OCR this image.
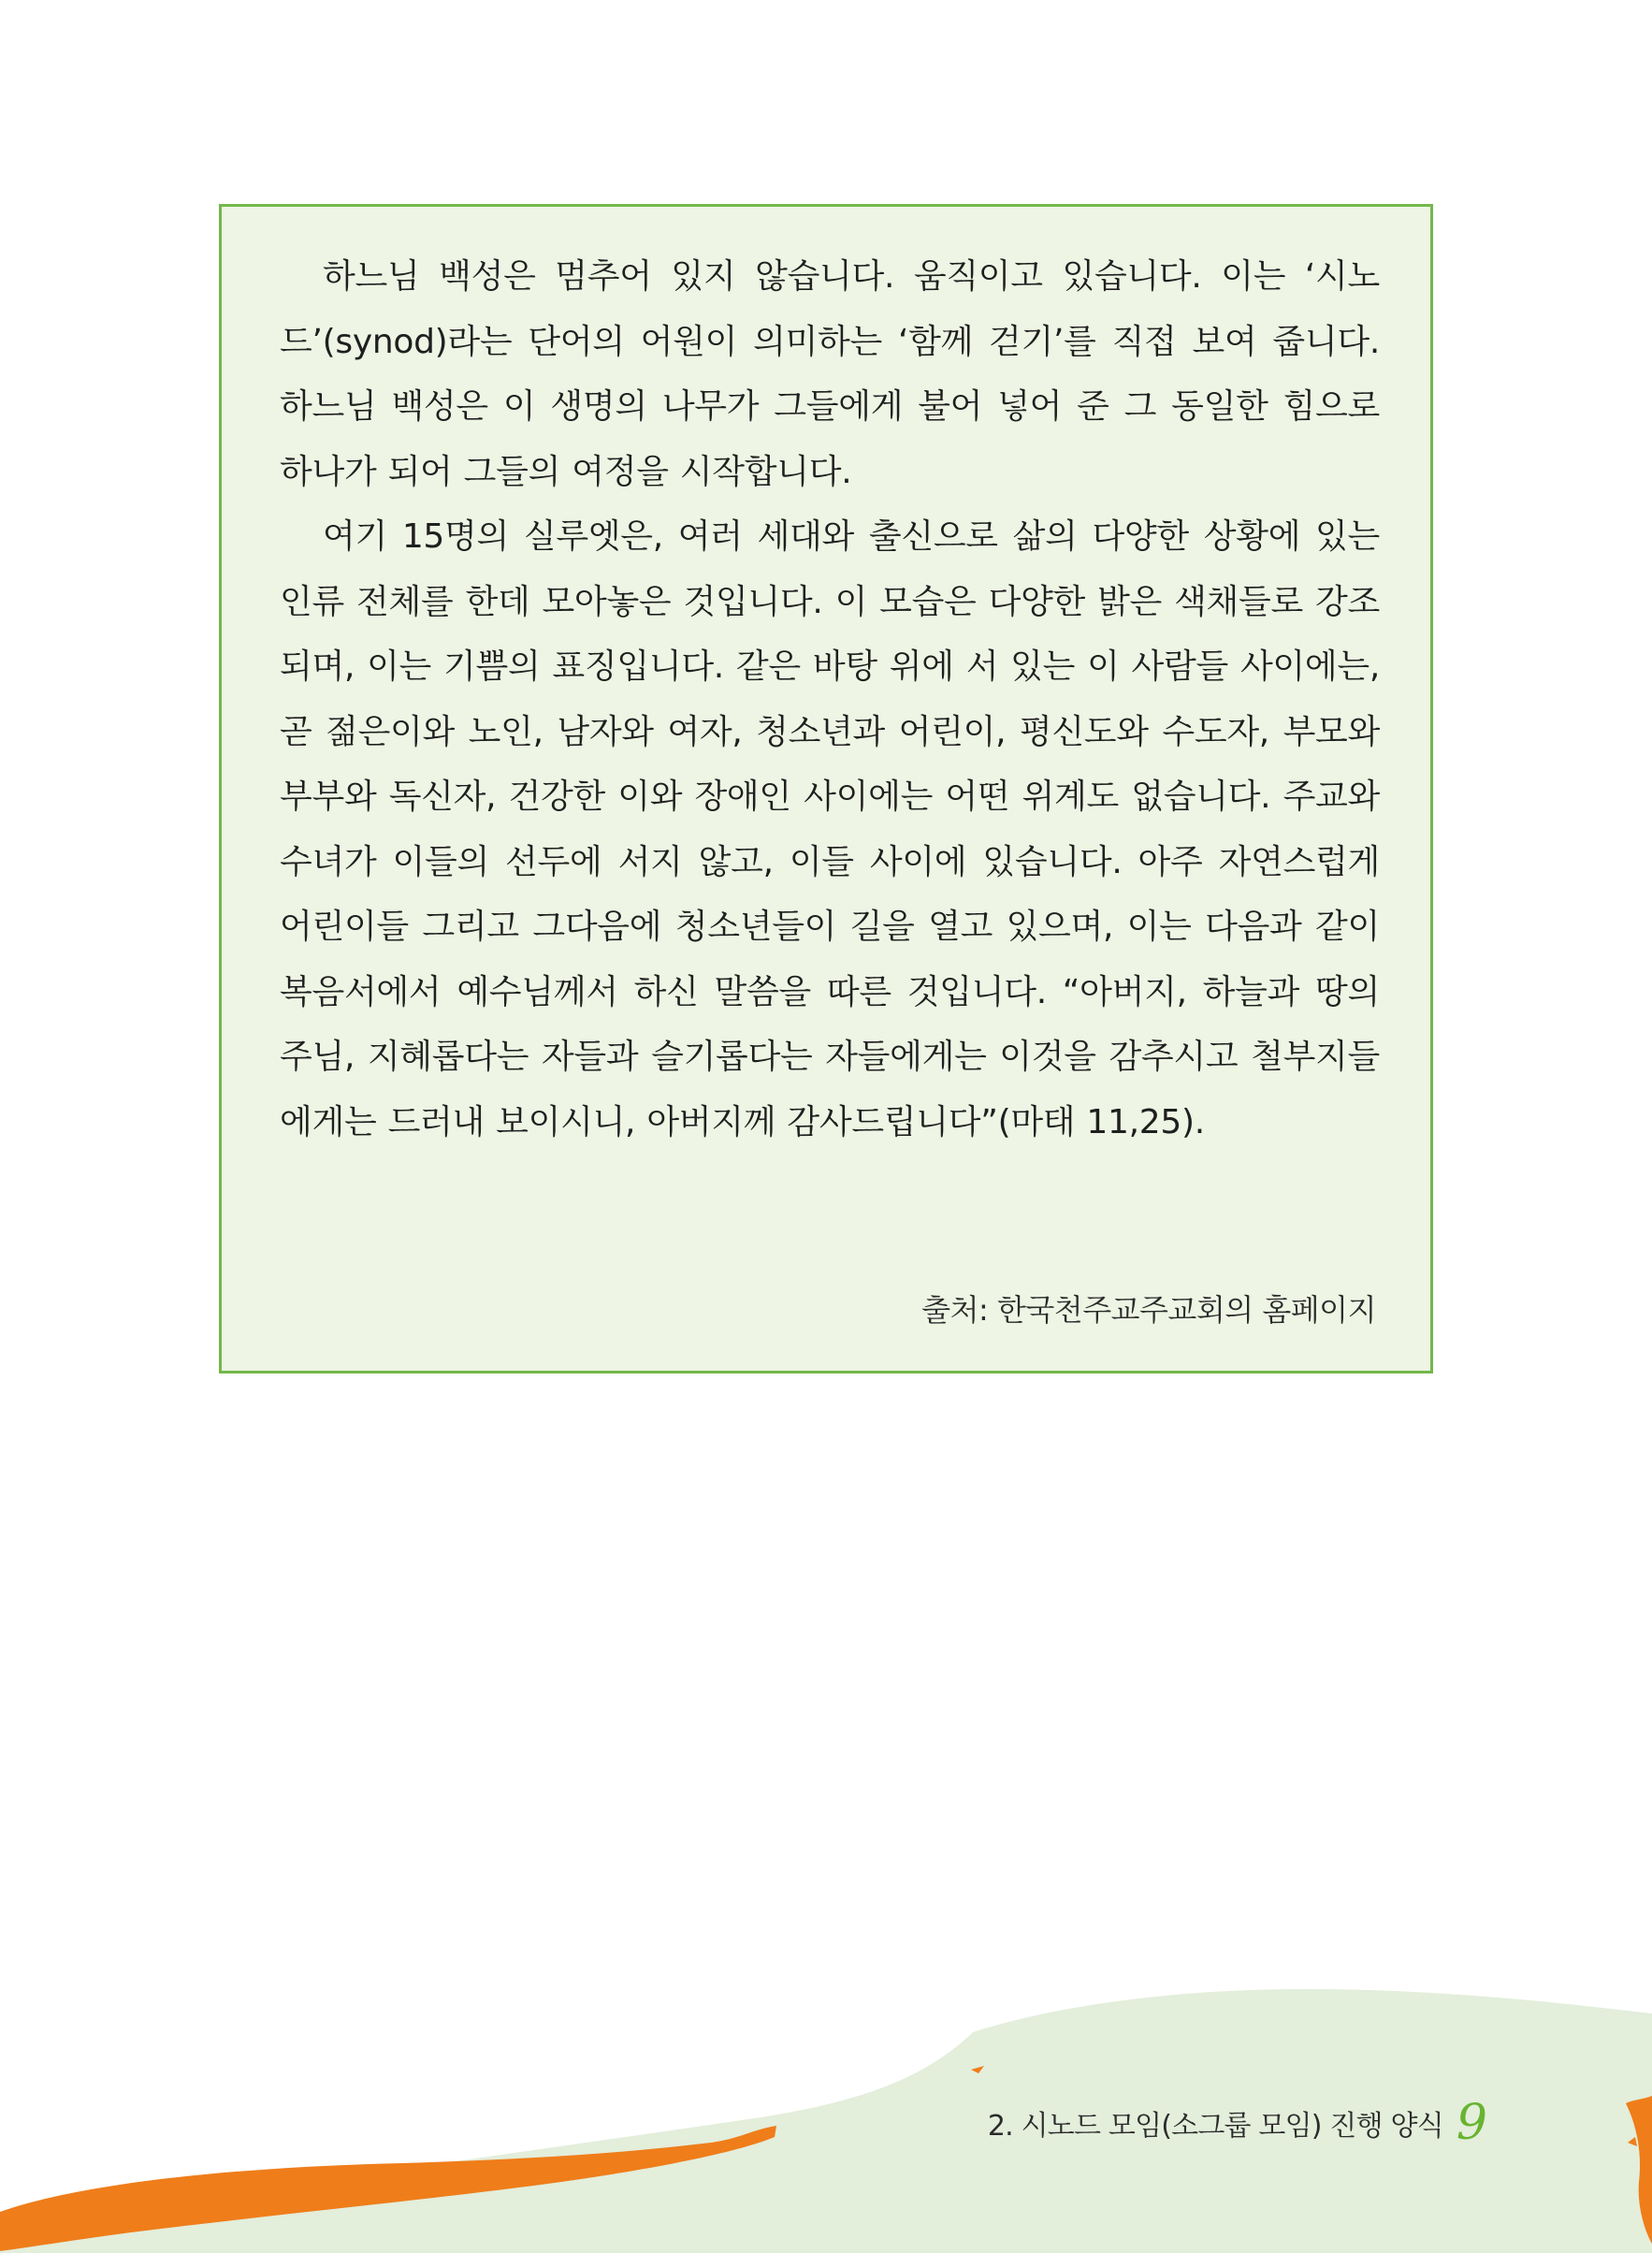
하느님 백성은 멈추어 있지 않습니다. 움직이고 있습니다. 이는 ‘시노드’(synod)라는 단어의 어원이 의미하는 ‘함께 걷기’를 직접 보여 줍니다. 하느님 백성은 이 생명의 나무가 그들에게 불어 넣어 준 그 동일한 힘으로 하나가 되어 그들의 여정을 시작합니다.

여기 15명의 실루엣은, 여러 세대와 출신으로 삶의 다양한 상황에 있는 인류 전체를 한데 모아놓은 것입니다. 이 모습은 다양한 밝은 색채들로 강조되며, 이는 기쁨의 표징입니다. 같은 바탕 위에 서 있는 이 사람들 사이에는, 곧 젊은이와 노인, 남자와 여자, 청소년과 어린이, 평신도와 수도자, 부모와 부부와 독신자, 건강한 이와 장애인 사이에는 어떤 위계도 없습니다. 주교와 수녀가 이들의 선두에 서지 않고, 이들 사이에 있습니다. 아주 자연스럽게 어린이들 그리고 그다음에 청소년들이 길을 열고 있으며, 이는 다음과 같이 복음서에서 예수님께서 하신 말씀을 따른 것입니다. “아버지, 하늘과 땅의 주님, 지혜롭다는 자들과 슬기롭다는 자들에게는 이것을 감추시고 철부지들에게는 드러내 보이시니, 아버지께 감사드립니다”(마태 11,25).

출처: 한국천주교주교회의 홈페이지

2. 시노드 모임(소그룹 모임) 진행 양식 9
